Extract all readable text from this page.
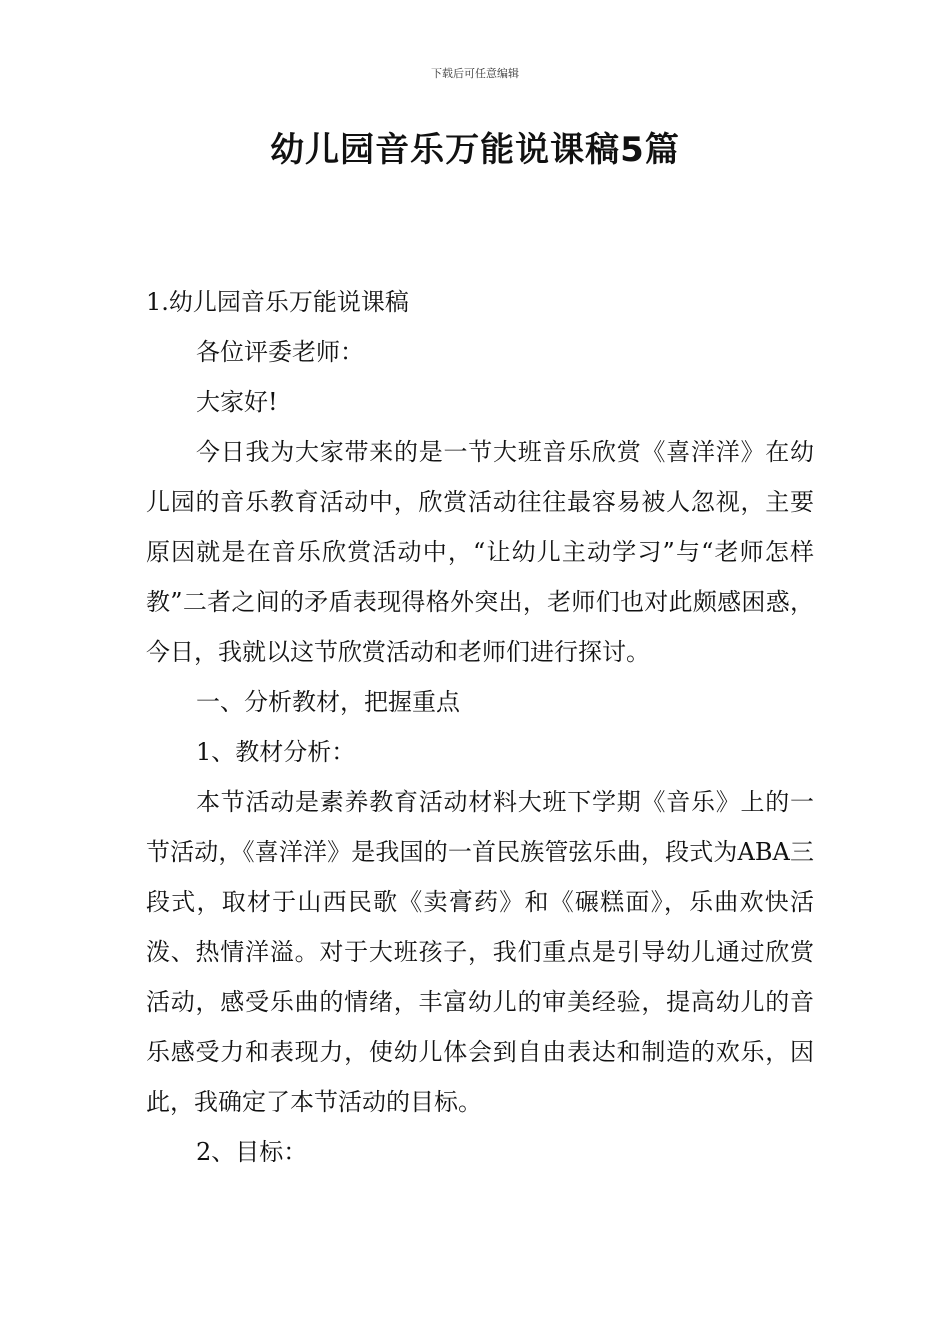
下载后可任意编辑
幼儿园音乐万能说课稿5篇

1.幼儿园音乐万能说课稿

各位评委老师：

大家好!

今日我为大家带来的是一节大班音乐欣赏《喜洋洋》在幼儿园的音乐教育活动中，欣赏活动往往最容易被人忽视，主要原因就是在音乐欣赏活动中，“让幼儿主动学习”与“老师怎样教”二者之间的矛盾表现得格外突出，老师们也对此颇感困惑，今日，我就以这节欣赏活动和老师们进行探讨。

一、分析教材，把握重点

1、教材分析：

本节活动是素养教育活动材料大班下学期《音乐》上的一节活动，《喜洋洋》是我国的一首民族管弦乐曲，段式为ABA三段式，取材于山西民歌《卖膏药》和《碾糕面》，乐曲欢快活泼、热情洋溢。对于大班孩子，我们重点是引导幼儿通过欣赏活动，感受乐曲的情绪，丰富幼儿的审美经验，提高幼儿的音乐感受力和表现力，使幼儿体会到自由表达和制造的欢乐，因此，我确定了本节活动的目标。

2、目标：
